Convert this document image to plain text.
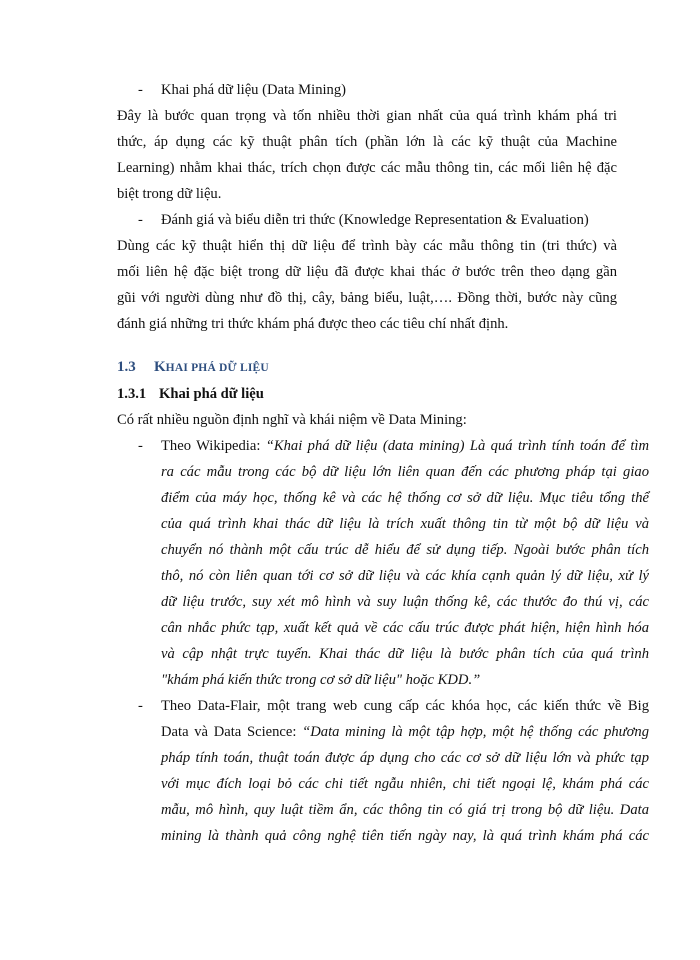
- Khai phá dữ liệu (Data Mining)
Đây là bước quan trọng và tốn nhiều thời gian nhất của quá trình khám phá tri
thức, áp dụng các kỹ thuật phân tích (phần lớn là các kỹ thuật của Machine
Learning) nhằm khai thác, trích chọn được các mẫu thông tin, các mối liên hệ đặc
biệt trong dữ liệu.
- Đánh giá và biểu diễn tri thức (Knowledge Representation & Evaluation)
Dùng các kỹ thuật hiển thị dữ liệu để trình bày các mẫu thông tin (tri thức) và
mối liên hệ đặc biệt trong dữ liệu đã được khai thác ở bước trên theo dạng gần
gũi với người dùng như đồ thị, cây, bảng biểu, luật,…. Đồng thời, bước này cũng
đánh giá những tri thức khám phá được theo các tiêu chí nhất định.
1.3 KHAI PHÁ DỮ LIỆU
1.3.1 Khai phá dữ liệu
Có rất nhiều nguồn định nghĩ và khái niệm về Data Mining:
- Theo Wikipedia: “Khai phá dữ liệu (data mining) Là quá trình tính toán để tìm
ra các mẫu trong các bộ dữ liệu lớn liên quan đến các phương pháp tại giao
điểm của máy học, thống kê và các hệ thống cơ sở dữ liệu. Mục tiêu tổng thể
của quá trình khai thác dữ liệu là trích xuất thông tin từ một bộ dữ liệu và
chuyển nó thành một cấu trúc dễ hiểu để sử dụng tiếp. Ngoài bước phân tích
thô, nó còn liên quan tới cơ sở dữ liệu và các khía cạnh quản lý dữ liệu, xử lý
dữ liệu trước, suy xét mô hình và suy luận thống kê, các thước đo thú vị, các
cân nhắc phức tạp, xuất kết quả về các cấu trúc được phát hiện, hiện hình hóa
và cập nhật trực tuyến. Khai thác dữ liệu là bước phân tích của quá trình
"khám phá kiến thức trong cơ sở dữ liệu" hoặc KDD.”
- Theo Data-Flair, một trang web cung cấp các khóa học, các kiến thức về Big
Data và Data Science: “Data mining là một tập hợp, một hệ thống các phương
pháp tính toán, thuật toán được áp dụng cho các cơ sở dữ liệu lớn và phức tạp
với mục đích loại bỏ các chi tiết ngẫu nhiên, chi tiết ngoại lệ, khám phá các
mẫu, mô hình, quy luật tiềm ẩn, các thông tin có giá trị trong bộ dữ liệu. Data
mining là thành quả công nghệ tiên tiến ngày nay, là quá trình khám phá các
